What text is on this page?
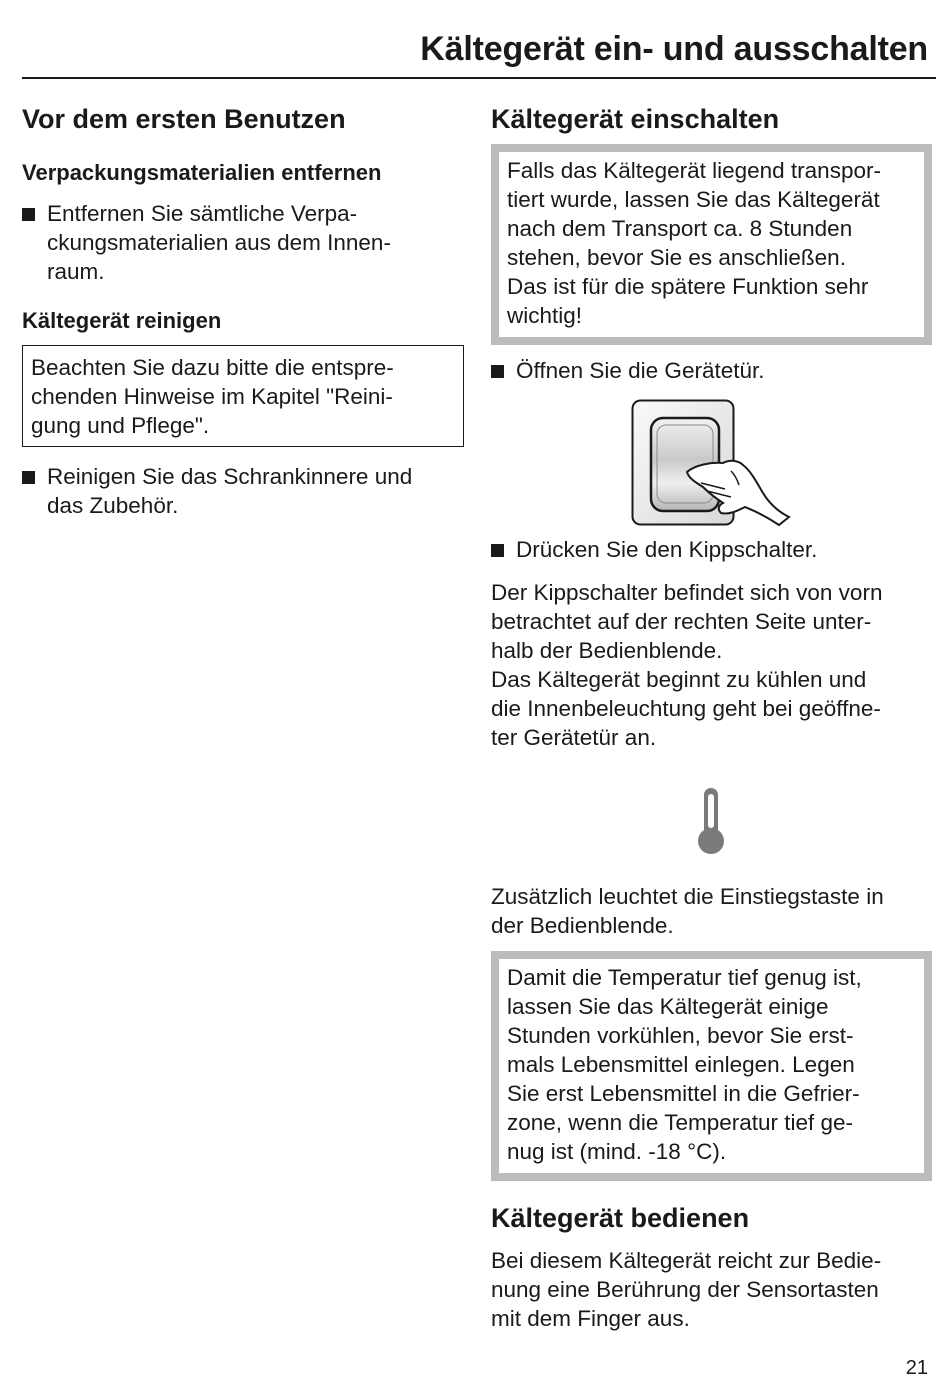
Kältegerät ein- und ausschalten
Vor dem ersten Benutzen
Verpackungsmaterialien entfernen
Entfernen Sie sämtliche Verpa-
ckungsmaterialien aus dem Innen-
raum.
Kältegerät reinigen
Beachten Sie dazu bitte die entspre-
chenden Hinweise im Kapitel "Reini-
gung und Pflege".
Reinigen Sie das Schrankinnere und
das Zubehör.
Kältegerät einschalten
Falls das Kältegerät liegend transpor-
tiert wurde, lassen Sie das Kältegerät
nach dem Transport ca. 8 Stunden
stehen, bevor Sie es anschließen.
Das ist für die spätere Funktion sehr
wichtig!
Öffnen Sie die Gerätetür.
Drücken Sie den Kippschalter.
Der Kippschalter befindet sich von vorn
betrachtet auf der rechten Seite unter-
halb der Bedienblende.
Das Kältegerät beginnt zu kühlen und
die Innenbeleuchtung geht bei geöffne-
ter Gerätetür an.
Zusätzlich leuchtet die Einstiegstaste in
der Bedienblende.
Damit die Temperatur tief genug ist,
lassen Sie das Kältegerät einige
Stunden vorkühlen, bevor Sie erst-
mals Lebensmittel einlegen. Legen
Sie erst Lebensmittel in die Gefrier-
zone, wenn die Temperatur tief ge-
nug ist (mind. -18 °C).
Kältegerät bedienen
Bei diesem Kältegerät reicht zur Bedie-
nung eine Berührung der Sensortasten
mit dem Finger aus.

21
